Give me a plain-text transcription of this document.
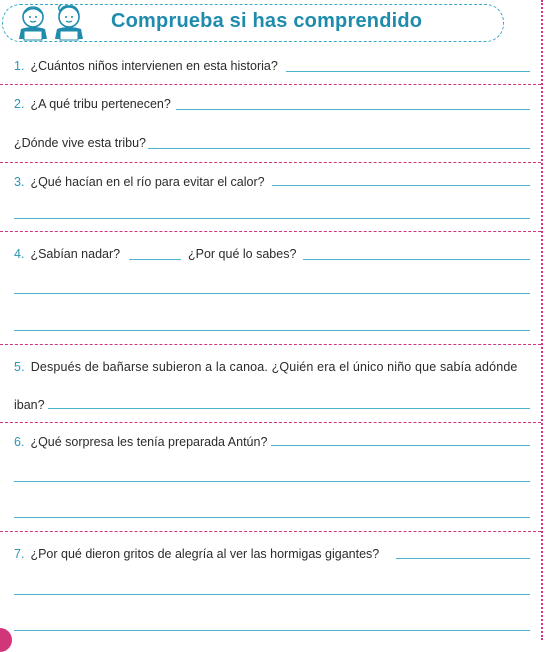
Comprueba si has comprendido
1. ¿Cuántos niños intervienen en esta historia?
2. ¿A qué tribu pertenecen?
¿Dónde vive esta tribu?
3. ¿Qué hacían en el río para evitar el calor?
4. ¿Sabían nadar?	¿Por qué lo sabes?
5. Después de bañarse subieron a la canoa. ¿Quién era el único niño que sabía adónde
iban?
6. ¿Qué sorpresa les tenía preparada Antún?
7. ¿Por qué dieron gritos de alegría al ver las hormigas gigantes?
